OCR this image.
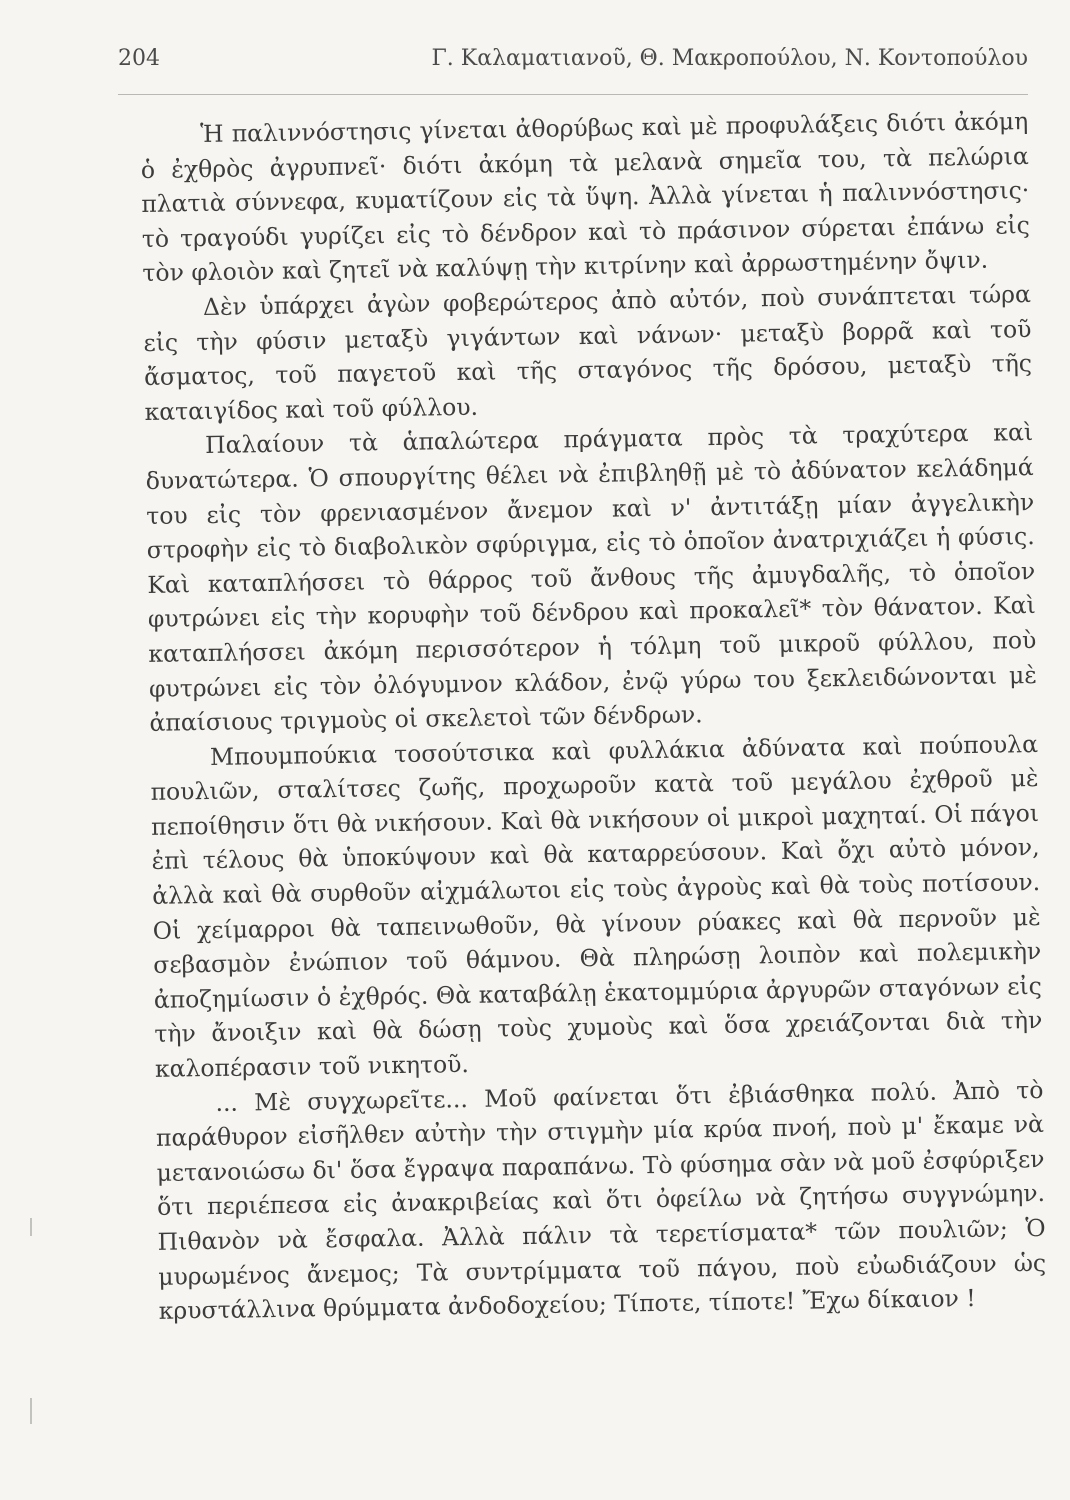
204	Γ. Καλαματιανοῦ, Θ. Μακροπούλου, Ν. Κοντοπούλου

Ἡ παλιννόστησις γίνεται ἀθορύβως καὶ μὲ προφυλάξεις διότι ἀκόμη ὁ ἐχθρὸς ἀγρυπνεῖ· διότι ἀκόμη τὰ μελανὰ σημεῖα του, τὰ πελώρια πλατιὰ σύννεφα, κυματίζουν εἰς τὰ ὕψη. Ἀλλὰ γίνεται ἡ παλιννόστησις· τὸ τραγούδι γυρίζει εἰς τὸ δένδρον καὶ τὸ πράσινον σύρεται ἐπάνω εἰς τὸν φλοιὸν καὶ ζητεῖ νὰ καλύψῃ τὴν κιτρίνην καὶ ἀρρωστημένην ὄψιν.

Δὲν ὑπάρχει ἀγὼν φοβερώτερος ἀπὸ αὐτόν, ποὺ συνάπτεται τώρα εἰς τὴν φύσιν μεταξὺ γιγάντων καὶ νάνων· μεταξὺ βορρᾶ καὶ τοῦ ἄσματος, τοῦ παγετοῦ καὶ τῆς σταγόνος τῆς δρόσου, μεταξὺ τῆς καταιγίδος καὶ τοῦ φύλλου.

Παλαίουν τὰ ἁπαλώτερα πράγματα πρὸς τὰ τραχύτερα καὶ δυνατώτερα. Ὁ σπουργίτης θέλει νὰ ἐπιβληθῇ μὲ τὸ ἀδύνατον κελάδημά του εἰς τὸν φρενιασμένον ἄνεμον καὶ ν' ἀντιτάξῃ μίαν ἀγγελικὴν στροφὴν εἰς τὸ διαβολικὸν σφύριγμα, εἰς τὸ ὁποῖον ἀνατριχιάζει ἡ φύσις. Καὶ καταπλήσσει τὸ θάρρος τοῦ ἄνθους τῆς ἀμυγδαλῆς, τὸ ὁποῖον φυτρώνει εἰς τὴν κορυφὴν τοῦ δένδρου καὶ προκαλεῖ* τὸν θάνατον. Καὶ καταπλήσσει ἀκόμη περισσότερον ἡ τόλμη τοῦ μικροῦ φύλλου, ποὺ φυτρώνει εἰς τὸν ὀλόγυμνον κλάδον, ἐνῷ γύρω του ξεκλειδώνονται μὲ ἀπαίσιους τριγμοὺς οἱ σκελετοὶ τῶν δένδρων.

Μπουμπούκια τοσούτσικα καὶ φυλλάκια ἀδύνατα καὶ πούπουλα πουλιῶν, σταλίτσες ζωῆς, προχωροῦν κατὰ τοῦ μεγάλου ἐχθροῦ μὲ πεποίθησιν ὅτι θὰ νικήσουν. Καὶ θὰ νικήσουν οἱ μικροὶ μαχηταί. Οἱ πάγοι ἐπὶ τέλους θὰ ὑποκύψουν καὶ θὰ καταρρεύσουν. Καὶ ὄχι αὐτὸ μόνον, ἀλλὰ καὶ θὰ συρθοῦν αἰχμάλωτοι εἰς τοὺς ἀγροὺς καὶ θὰ τοὺς ποτίσουν. Οἱ χείμαρροι θὰ ταπεινωθοῦν, θὰ γίνουν ρύακες καὶ θὰ περνοῦν μὲ σεβασμὸν ἐνώπιον τοῦ θάμνου. Θὰ πληρώσῃ λοιπὸν καὶ πολεμικὴν ἀποζημίωσιν ὁ ἐχθρός. Θὰ καταβάλῃ ἑκατομμύρια ἀργυρῶν σταγόνων εἰς τὴν ἄνοιξιν καὶ θὰ δώσῃ τοὺς χυμοὺς καὶ ὅσα χρειάζονται διὰ τὴν καλοπέρασιν τοῦ νικητοῦ.

... Μὲ συγχωρεῖτε... Μοῦ φαίνεται ὅτι ἐβιάσθηκα πολύ. Ἀπὸ τὸ παράθυρον εἰσῆλθεν αὐτὴν τὴν στιγμὴν μία κρύα πνοή, ποὺ μ' ἔκαμε νὰ μετανοιώσω δι' ὅσα ἔγραψα παραπάνω. Τὸ φύσημα σὰν νὰ μοῦ ἐσφύριξεν ὅτι περιέπεσα εἰς ἀνακριβείας καὶ ὅτι ὀφείλω νὰ ζητήσω συγγνώμην. Πιθανὸν νὰ ἔσφαλα. Ἀλλὰ πάλιν τὰ τερετίσματα* τῶν πουλιῶν; Ὁ μυρωμένος ἄνεμος; Τὰ συντρίμματα τοῦ πάγου, ποὺ εὐωδιάζουν ὡς κρυστάλλινα θρύμματα ἀνδοδοχείου; Τίποτε, τίποτε! Ἔχω δίκαιον !
